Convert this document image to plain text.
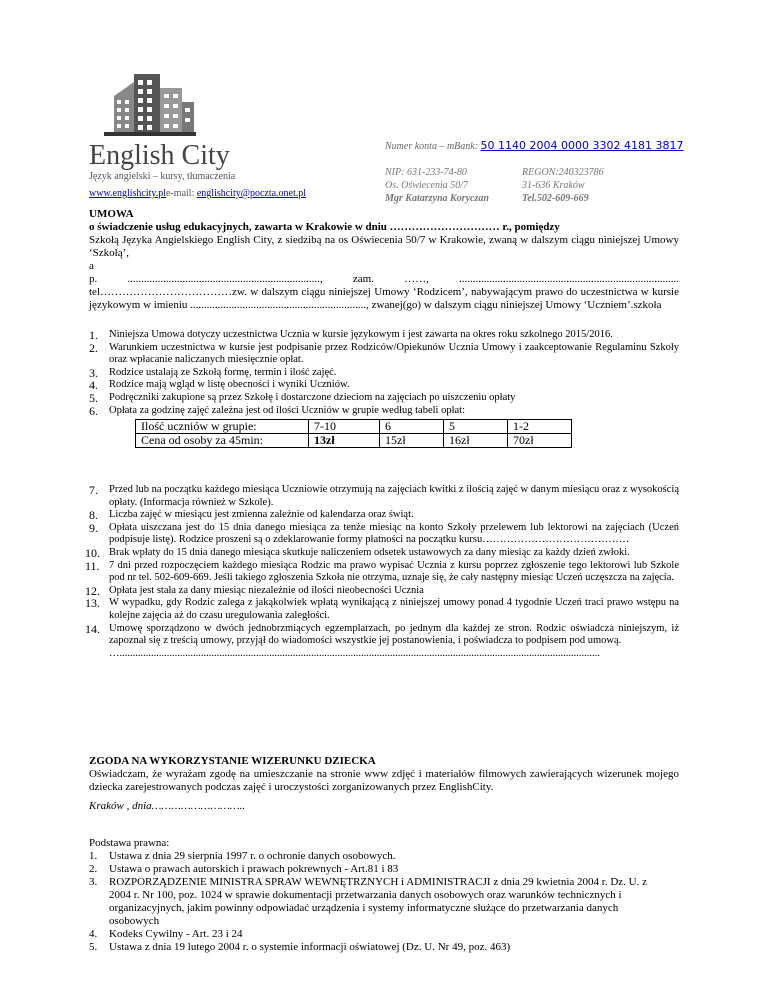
English City
Język angielski – kursy, tłumaczenia
www.englishcity.ple-mail: englishcity@poczta.onet.pl
Numer konta – mBank: 50 1140 2004 0000 3302 4181 3817
NIP: 631-233-74-80
Os. Oświecenia 50/7
Mgr Katarzyna Koryczan
REGON:240323786
31-636 Kraków
Tel.502-609-669
UMOWA
o świadczenie usług edukacyjnych, zawarta w Krakowie w dniu ………………………… r., pomiędzy
Szkołą Języka Angielskiego English City, z siedzibą na os Oświecenia 50/7 w Krakowie, zwaną w dalszym ciągu niniejszej Umowy ‘Szkołą’,
a
p. ......................................................................, zam. ……, ................................................................................ tel………………………………zw. w dalszym ciągu niniejszej Umowy ‘Rodzicem’, nabywającym prawo do uczestnictwa w kursie językowym w imieniu ................................................................, zwanej(go) w dalszym ciągu niniejszej Umowy ‘Uczniem’.szkoła
1. Niniejsza Umowa dotyczy uczestnictwa Ucznia w kursie językowym i jest zawarta na okres roku szkolnego 2015/2016.
2. Warunkiem uczestnictwa w kursie jest podpisanie przez Rodziców/Opiekunów Ucznia Umowy i zaakceptowanie Regulaminu Szkoły oraz wpłacanie naliczanych miesięcznie opłat.
3. Rodzice ustalają ze Szkołą formę, termin i ilość zajęć.
4. Rodzice mają wgląd w listę obecności i wyniki Uczniów.
5. Podręczniki zakupione są przez Szkołę i dostarczone dzieciom na zajęciach po uiszczeniu opłaty
6. Opłata za godzinę zajęć zależna jest od ilości Uczniów w grupie według tabeli opłat:
Ilość uczniów w grupie:	7-10	6	5	1-2
Cena od osoby za 45min:	13zł	15zł	16zł	70zł
7. Przed lub na początku każdego miesiąca Uczniowie otrzymują na zajęciach kwitki z ilością zajęć w danym miesiącu oraz z wysokością opłaty. (Informacja również w Szkole).
8. Liczba zajęć w miesiącu jest zmienna zależnie od kalendarza oraz świąt.
9. Opłata uiszczana jest do 15 dnia danego miesiąca za tenże miesiąc na konto Szkoły przelewem lub lektorowi na zajęciach (Uczeń podpisuje listę). Rodzice proszeni są o zdeklarowanie formy płatności na początku kursu……………………………………
10. Brak wpłaty do 15 dnia danego miesiąca skutkuje naliczeniem odsetek ustawowych za dany miesiąc za każdy dzień zwłoki.
11. 7 dni przed rozpoczęciem każdego miesiąca Rodzic ma prawo wypisać Ucznia z kursu poprzez zgłoszenie tego lektorowi lub Szkole pod nr tel. 502-609-669. Jeśli takiego zgłoszenia Szkoła nie otrzyma, uznaje się, że cały następny miesiąc Uczeń uczęszcza na zajęcia.
12. Opłata jest stała za dany miesiąc niezależnie od ilości nieobecności Ucznia
13. W wypadku, gdy Rodzic zalega z jakąkolwiek wpłatą wynikającą z niniejszej umowy ponad 4 tygodnie Uczeń traci prawo wstępu na kolejne zajęcia aż do czasu uregulowania zaległości.
14. Umowę sporządzono w dwóch jednobrzmiących egzemplarzach, po jednym dla każdej ze stron. Rodzic oświadcza niniejszym, iż zapoznał się z treścią umowy, przyjął do wiadomości wszystkie jej postanowienia, i poświadcza to podpisem pod umową.
….......................................................................................................................................................................................
ZGODA NA WYKORZYSTANIE WIZERUNKU DZIECKA
Oświadczam, że wyrażam zgodę na umieszczanie na stronie www zdjęć i materiałów filmowych zawierających wizerunek mojego dziecka zarejestrowanych podczas zajęć i uroczystości zorganizowanych przez EnglishCity.
Kraków , dnia………………………..
Podstawa prawna:
1. Ustawa z dnia 29 sierpnia 1997 r. o ochronie danych osobowych.
2. Ustawa o prawach autorskich i prawach pokrewnych - Art.81 i 83
3. ROZPORZĄDZENIE MINISTRA SPRAW WEWNĘTRZNYCH i ADMINISTRACJI z dnia 29 kwietnia 2004 r. Dz. U. z 2004 r. Nr 100, poz. 1024 w sprawie dokumentacji przetwarzania danych osobowych oraz warunków technicznych i organizacyjnych, jakim powinny odpowiadać urządzenia i systemy informatyczne służące do przetwarzania danych osobowych
4. Kodeks Cywilny - Art. 23 i 24
5. Ustawa z dnia 19 lutego 2004 r. o systemie informacji oświatowej (Dz. U. Nr 49, poz. 463)
